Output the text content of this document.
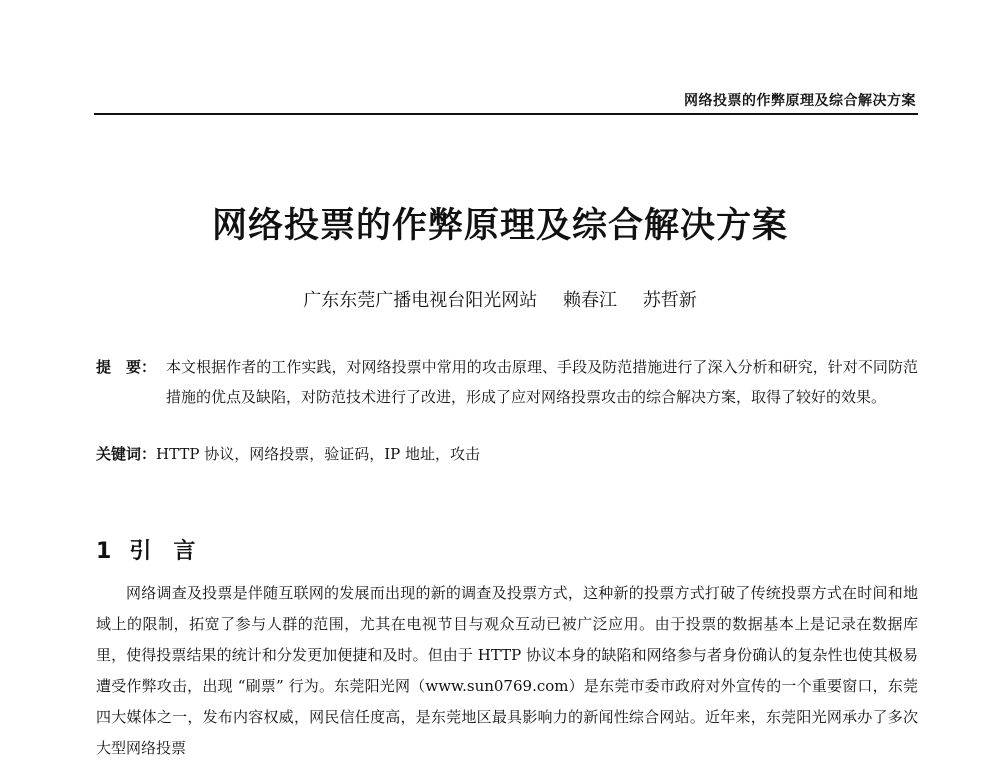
网络投票的作弊原理及综合解决方案
网络投票的作弊原理及综合解决方案
广东东莞广播电视台阳光网站 赖春江 苏哲新
提　要： 本文根据作者的工作实践，对网络投票中常用的攻击原理、手段及防范措施进行了深入分析和研究，针对不同防范措施的优点及缺陷，对防范技术进行了改进，形成了应对网络投票攻击的综合解决方案，取得了较好的效果。
关键词：HTTP 协议，网络投票，验证码，IP 地址，攻击
1 引　言

网络调查及投票是伴随互联网的发展而出现的新的调查及投票方式，这种新的投票方式打破了传统投票方式在时间和地域上的限制，拓宽了参与人群的范围，尤其在电视节目与观众互动已被广泛应用。由于投票的数据基本上是记录在数据库里，使得投票结果的统计和分发更加便捷和及时。但由于 HTTP 协议本身的缺陷和网络参与者身份确认的复杂性也使其极易遭受作弊攻击，出现 “刷票” 行为。东莞阳光网（www.sun0769.com）是东莞市委市政府对外宣传的一个重要窗口，东莞四大媒体之一，发布内容权威，网民信任度高，是东莞地区最具影响力的新闻性综合网站。近年来，东莞阳光网承办了多次大型网络投票
